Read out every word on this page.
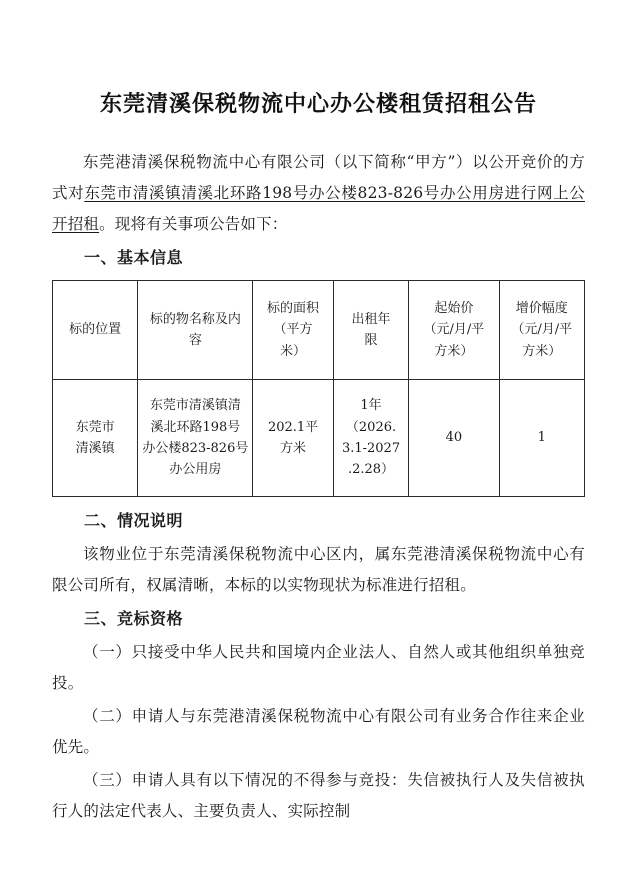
东莞清溪保税物流中心办公楼租赁招租公告

东莞港清溪保税物流中心有限公司（以下简称“甲方”）以公开竞价的方式对东莞市清溪镇清溪北环路198号办公楼823-826号办公用房进行网上公开招租。现将有关事项公告如下：

一、基本信息
标的位置	标的物名称及内
容	标的面积
（平方
米）	出租年
限	起始价
（元/月/平
方米）	增价幅度
（元/月/平
方米）

东莞市
清溪镇	东莞市清溪镇清
溪北环路198号
办公楼823-826号
办公用房	202.1平
方米	1年
（2026.
3.1-2027
.2.28）	40	1
二、情况说明

该物业位于东莞清溪保税物流中心区内，属东莞港清溪保税物流中心有限公司所有，权属清晰，本标的以实物现状为标准进行招租。

三、竞标资格

（一）只接受中华人民共和国境内企业法人、自然人或其他组织单独竞投。

（二）申请人与东莞港清溪保税物流中心有限公司有业务合作往来企业优先。

（三）申请人具有以下情况的不得参与竞投：失信被执行人及失信被执行人的法定代表人、主要负责人、实际控制
